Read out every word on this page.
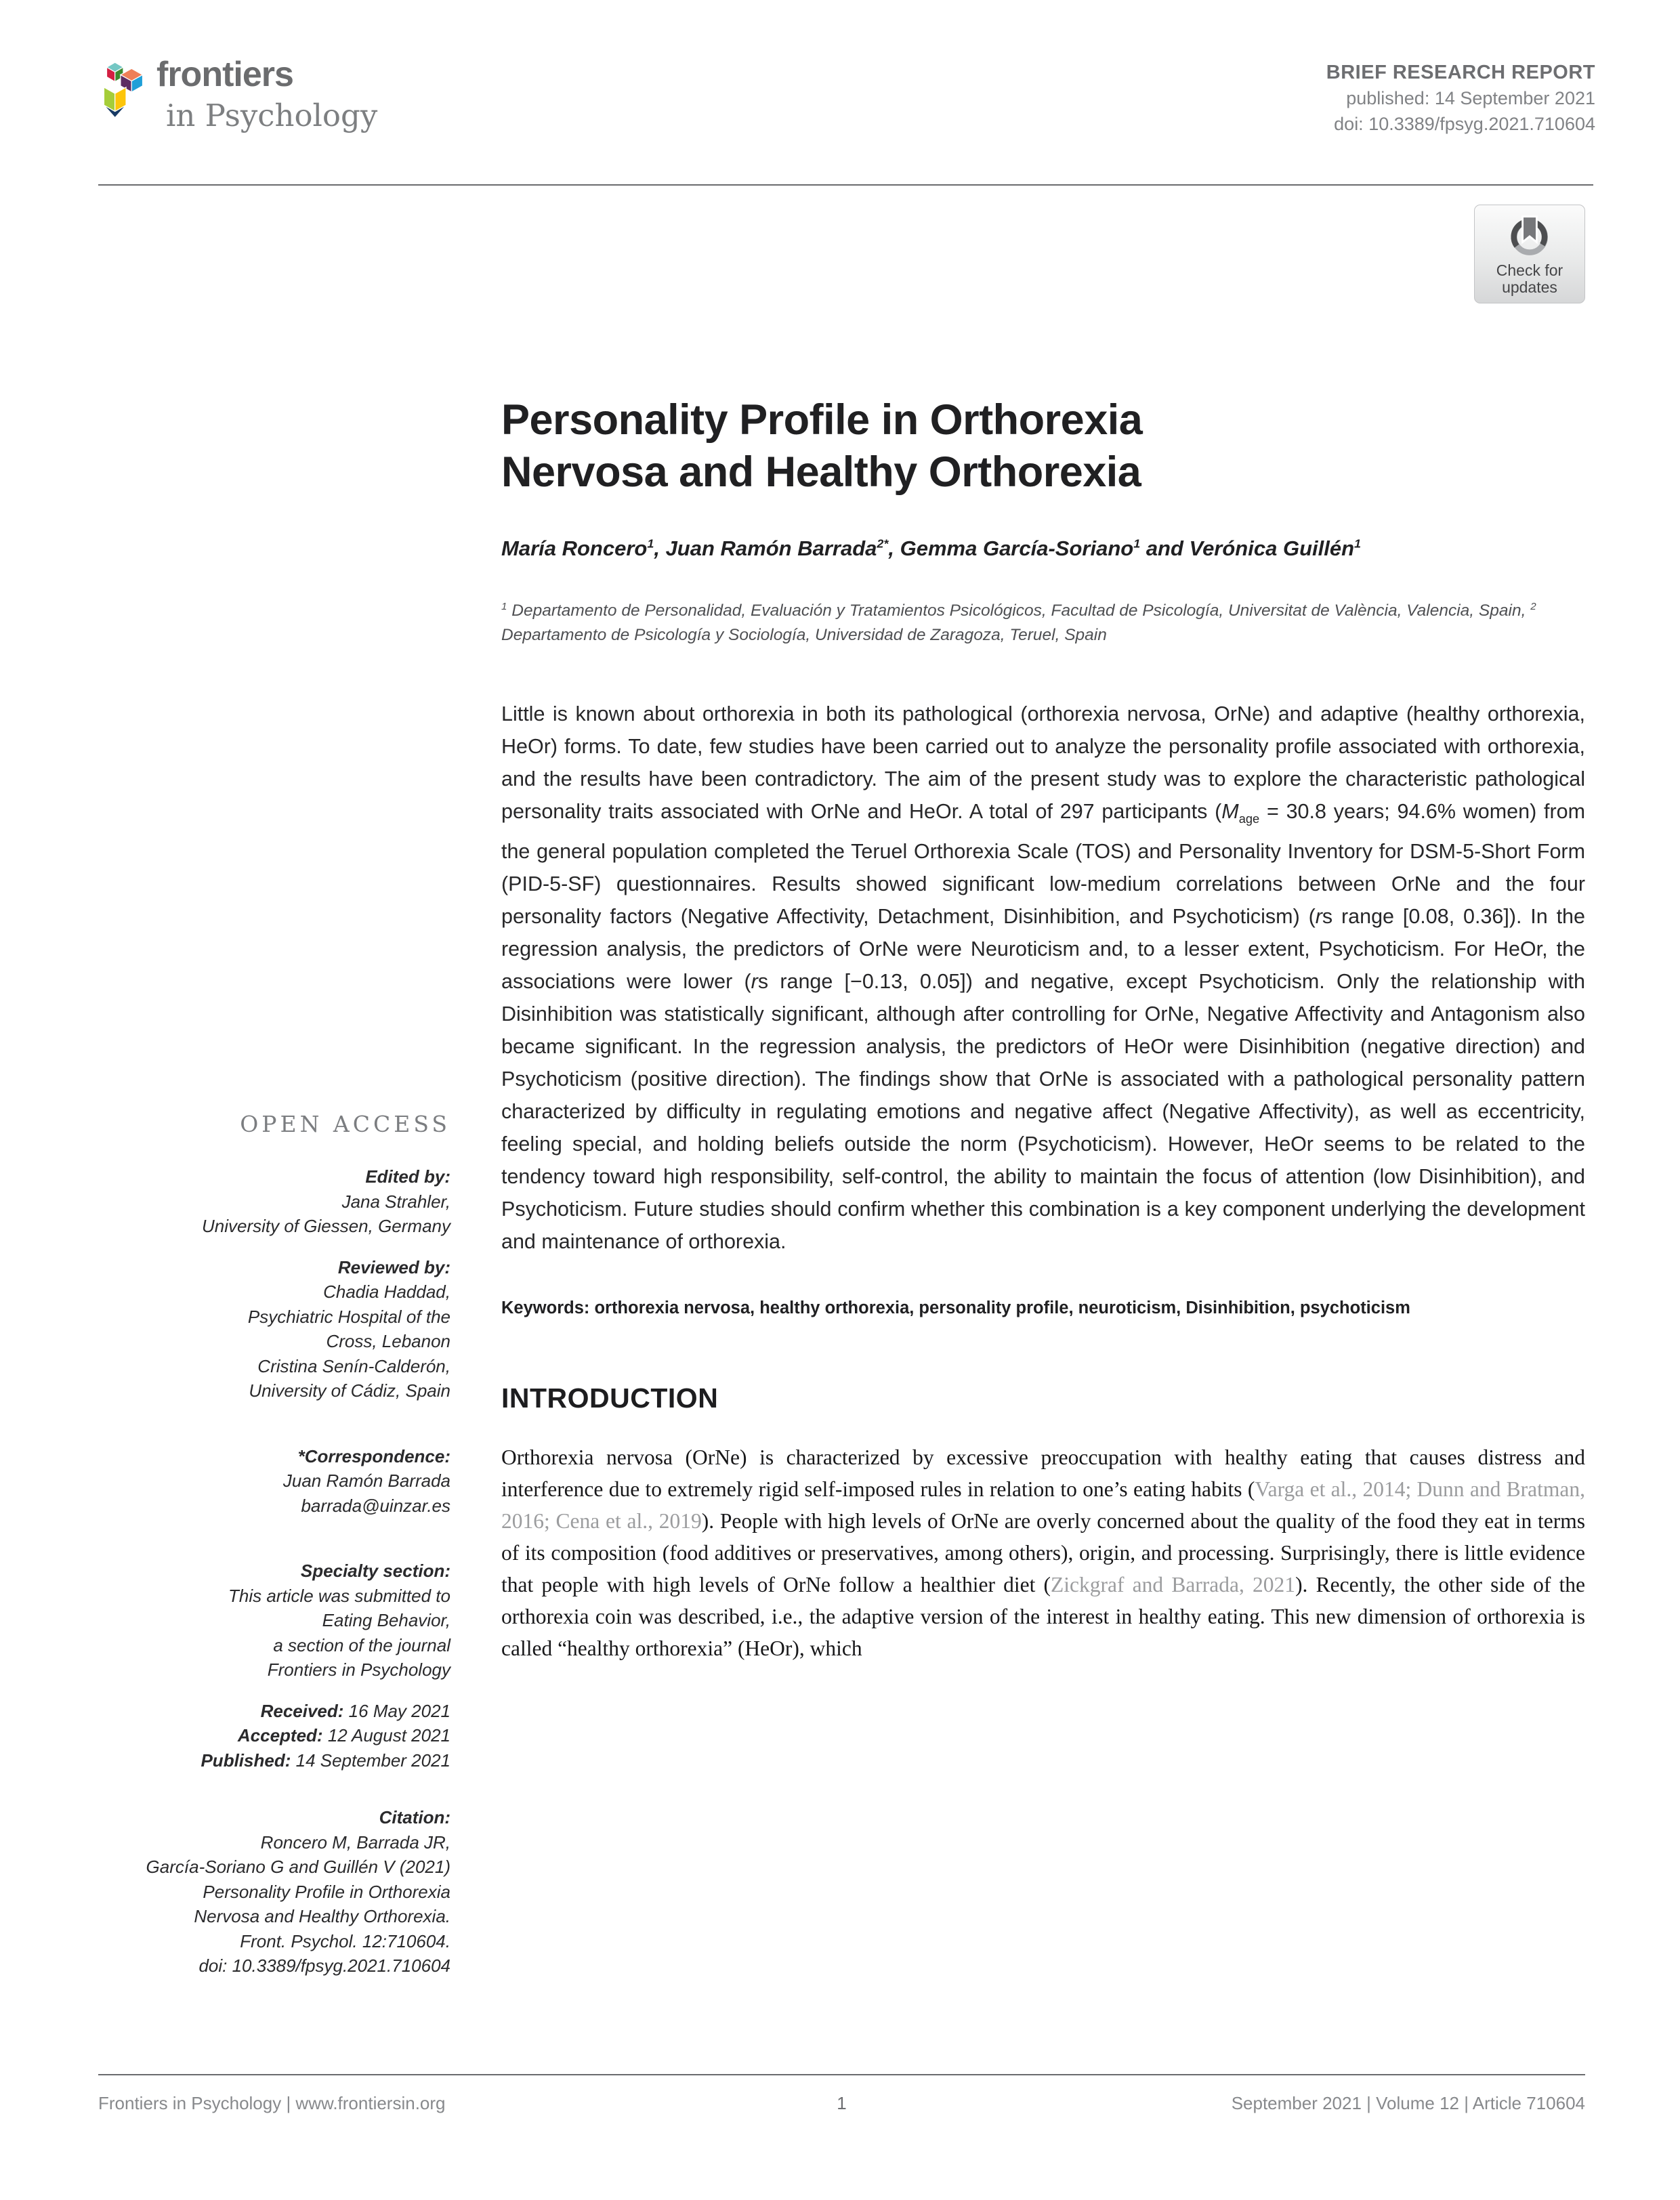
frontiers
in Psychology
BRIEF RESEARCH REPORT
published: 14 September 2021
doi: 10.3389/fpsyg.2021.710604
Check for
updates
OPEN ACCESS
Edited by:
Jana Strahler,
University of Giessen, Germany
Reviewed by:
Chadia Haddad,
Psychiatric Hospital of the
Cross, Lebanon
Cristina Senín-Calderón,
University of Cádiz, Spain
*Correspondence:
Juan Ramón Barrada
barrada@uinzar.es
Specialty section:
This article was submitted to
Eating Behavior,
a section of the journal
Frontiers in Psychology
Received: 16 May 2021
Accepted: 12 August 2021
Published: 14 September 2021
Citation:
Roncero M, Barrada JR,
García-Soriano G and Guillén V (2021)
Personality Profile in Orthorexia
Nervosa and Healthy Orthorexia.
Front. Psychol. 12:710604.
doi: 10.3389/fpsyg.2021.710604
Personality Profile in Orthorexia
Nervosa and Healthy Orthorexia
María Roncero$^1$, Juan Ramón Barrada$^{2*}$, Gemma García-Soriano$^1$ and Verónica Guillén$^1$
$^1$ Departamento de Personalidad, Evaluación y Tratamientos Psicológicos, Facultad de Psicología, Universitat de València, Valencia, Spain, $^2$ Departamento de Psicología y Sociología, Universidad de Zaragoza, Teruel, Spain
Little is known about orthorexia in both its pathological (orthorexia nervosa, OrNe) and adaptive (healthy orthorexia, HeOr) forms. To date, few studies have been carried out to analyze the personality profile associated with orthorexia, and the results have been contradictory. The aim of the present study was to explore the characteristic pathological personality traits associated with OrNe and HeOr. A total of 297 participants ($M_{age} = 30.8$ years; 94.6% women) from the general population completed the Teruel Orthorexia Scale (TOS) and Personality Inventory for DSM-5-Short Form (PID-5-SF) questionnaires. Results showed significant low-medium correlations between OrNe and the four personality factors (Negative Affectivity, Detachment, Disinhibition, and Psychoticism) (rs range [0.08, 0.36]). In the regression analysis, the predictors of OrNe were Neuroticism and, to a lesser extent, Psychoticism. For HeOr, the associations were lower (rs range [−0.13, 0.05]) and negative, except Psychoticism. Only the relationship with Disinhibition was statistically significant, although after controlling for OrNe, Negative Affectivity and Antagonism also became significant. In the regression analysis, the predictors of HeOr were Disinhibition (negative direction) and Psychoticism (positive direction). The findings show that OrNe is associated with a pathological personality pattern characterized by difficulty in regulating emotions and negative affect (Negative Affectivity), as well as eccentricity, feeling special, and holding beliefs outside the norm (Psychoticism). However, HeOr seems to be related to the tendency toward high responsibility, self-control, the ability to maintain the focus of attention (low Disinhibition), and Psychoticism. Future studies should confirm whether this combination is a key component underlying the development and maintenance of orthorexia.
Keywords: orthorexia nervosa, healthy orthorexia, personality profile, neuroticism, Disinhibition, psychoticism
INTRODUCTION
Orthorexia nervosa (OrNe) is characterized by excessive preoccupation with healthy eating that causes distress and interference due to extremely rigid self-imposed rules in relation to one’s eating habits (Varga et al., 2014; Dunn and Bratman, 2016; Cena et al., 2019). People with high levels of OrNe are overly concerned about the quality of the food they eat in terms of its composition (food additives or preservatives, among others), origin, and processing. Surprisingly, there is little evidence that people with high levels of OrNe follow a healthier diet (Zickgraf and Barrada, 2021). Recently, the other side of the orthorexia coin was described, i.e., the adaptive version of the interest in healthy eating. This new dimension of orthorexia is called “healthy orthorexia” (HeOr), which
Frontiers in Psychology | www.frontiersin.org	1	September 2021 | Volume 12 | Article 710604
